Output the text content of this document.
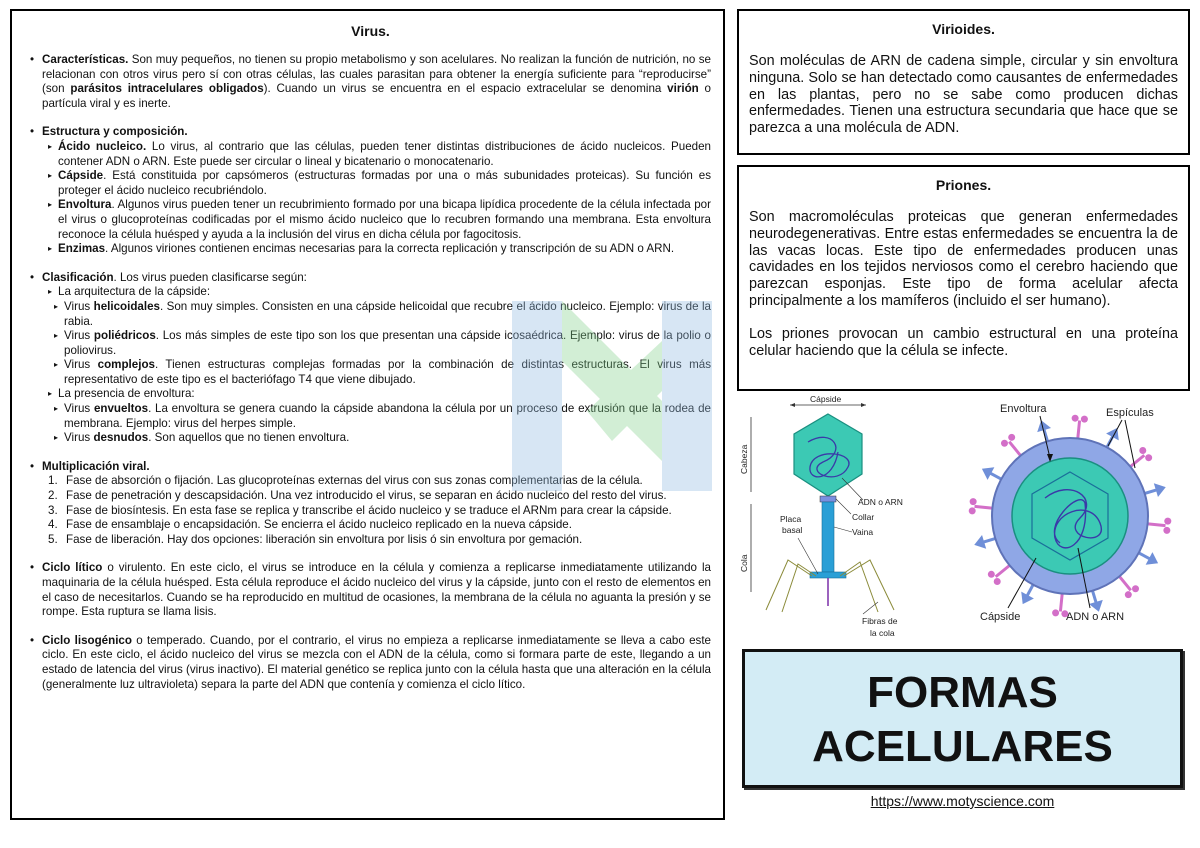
Virus.
• Características. Son muy pequeños, no tienen su propio metabolismo y son acelulares. No realizan la función de nutrición, no se relacionan con otros virus pero sí con otras células, las cuales parasitan para obtener la energía suficiente para “reproducirse” (son parásitos intracelulares obligados). Cuando un virus se encuentra en el espacio extracelular se denomina virión o partícula viral y es inerte.
• Estructura y composición.
▸ Ácido nucleico. Lo virus, al contrario que las células, pueden tener distintas distribuciones de ácido nucleicos. Pueden contener ADN o ARN. Este puede ser circular o lineal y bicatenario o monocatenario.
▸ Cápside. Está constituida por capsómeros (estructuras formadas por una o más subunidades proteicas). Su función es proteger el ácido nucleico recubriéndolo.
▸ Envoltura. Algunos virus pueden tener un recubrimiento formado por una bicapa lipídica procedente de la célula infectada por el virus o glucoproteínas codificadas por el mismo ácido nucleico que lo recubren formando una membrana. Esta envoltura reconoce la célula huésped y ayuda a la inclusión del virus en dicha célula por fagocitosis.
▸ Enzimas. Algunos viriones contienen encimas necesarias para la correcta replicación y transcripción de su ADN o ARN.
• Clasificación. Los virus pueden clasificarse según:
▸ La arquitectura de la cápside:
▸ Virus helicoidales. Son muy simples. Consisten en una cápside helicoidal que recubre el ácido nucleico. Ejemplo: virus de la rabia.
▸ Virus poliédricos. Los más simples de este tipo son los que presentan una cápside icosaédrica. Ejemplo: virus de la polio o poliovirus.
▸ Virus complejos. Tienen estructuras complejas formadas por la combinación de distintas estructuras. El virus más representativo de este tipo es el bacteriófago T4 que viene dibujado.
▸ La presencia de envoltura:
▸ Virus envueltos. La envoltura se genera cuando la cápside abandona la célula por un proceso de extrusión que la rodea de membrana. Ejemplo: virus del herpes simple.
▸ Virus desnudos. Son aquellos que no tienen envoltura.
• Multiplicación viral.
1. Fase de absorción o fijación. Las glucoproteínas externas del virus con sus zonas complementarias de la célula.
2. Fase de penetración y descapsidación. Una vez introducido el virus, se separan en ácido nucleico del resto del virus.
3. Fase de biosíntesis. En esta fase se replica y transcribe el ácido nucleico y se traduce el ARNm para crear la cápside.
4. Fase de ensamblaje o encapsidación. Se encierra el ácido nucleico replicado en la nueva cápside.
5. Fase de liberación. Hay dos opciones: liberación sin envoltura por lisis ó sin envoltura por gemación.
• Ciclo lítico o virulento. En este ciclo, el virus se introduce en la célula y comienza a replicarse inmediatamente utilizando la maquinaria de la célula huésped. Esta célula reproduce el ácido nucleico del virus y la cápside, junto con el resto de elementos en el caso de necesitarlos. Cuando se ha reproducido en multitud de ocasiones, la membrana de la célula no aguanta la presión y se rompe. Esta ruptura se llama lisis.
• Ciclo lisogénico o temperado. Cuando, por el contrario, el virus no empieza a replicarse inmediatamente se lleva a cabo este ciclo. En este ciclo, el ácido nucleico del virus se mezcla con el ADN de la célula, como si formara parte de este, llegando a un estado de latencia del virus (virus inactivo). El material genético se replica junto con la célula hasta que una alteración en la célula (generalmente luz ultravioleta) separa la parte del ADN que contenía y comienza el ciclo lítico.
Virioides.

Son moléculas de ARN de cadena simple, circular y sin envoltura ninguna. Solo se han detectado como causantes de enfermedades en las plantas, pero no se sabe como producen dichas enfermedades. Tienen una estructura secundaria que hace que se parezca a una molécula de ADN.

Priones.

Son macromoléculas proteicas que generan enfermedades neurodegenerativas. Entre estas enfermedades se encuentra la de las vacas locas. Este tipo de enfermedades producen unas cavidades en los tejidos nerviosos como el cerebro haciendo que parezcan esponjas. Este tipo de forma acelular afecta principalmente a los mamíferos (incluido el ser humano).

Los priones provocan un cambio estructural en una proteína celular haciendo que la célula se infecte.

Cápside
Cabeza
Cola
ADN o ARN
Collar
Vaina
Placa
basal
Fibras de
la cola
Envoltura	Espículas
Cápside	ADN o ARN
FORMAS
ACELULARES
https://www.motyscience.com
